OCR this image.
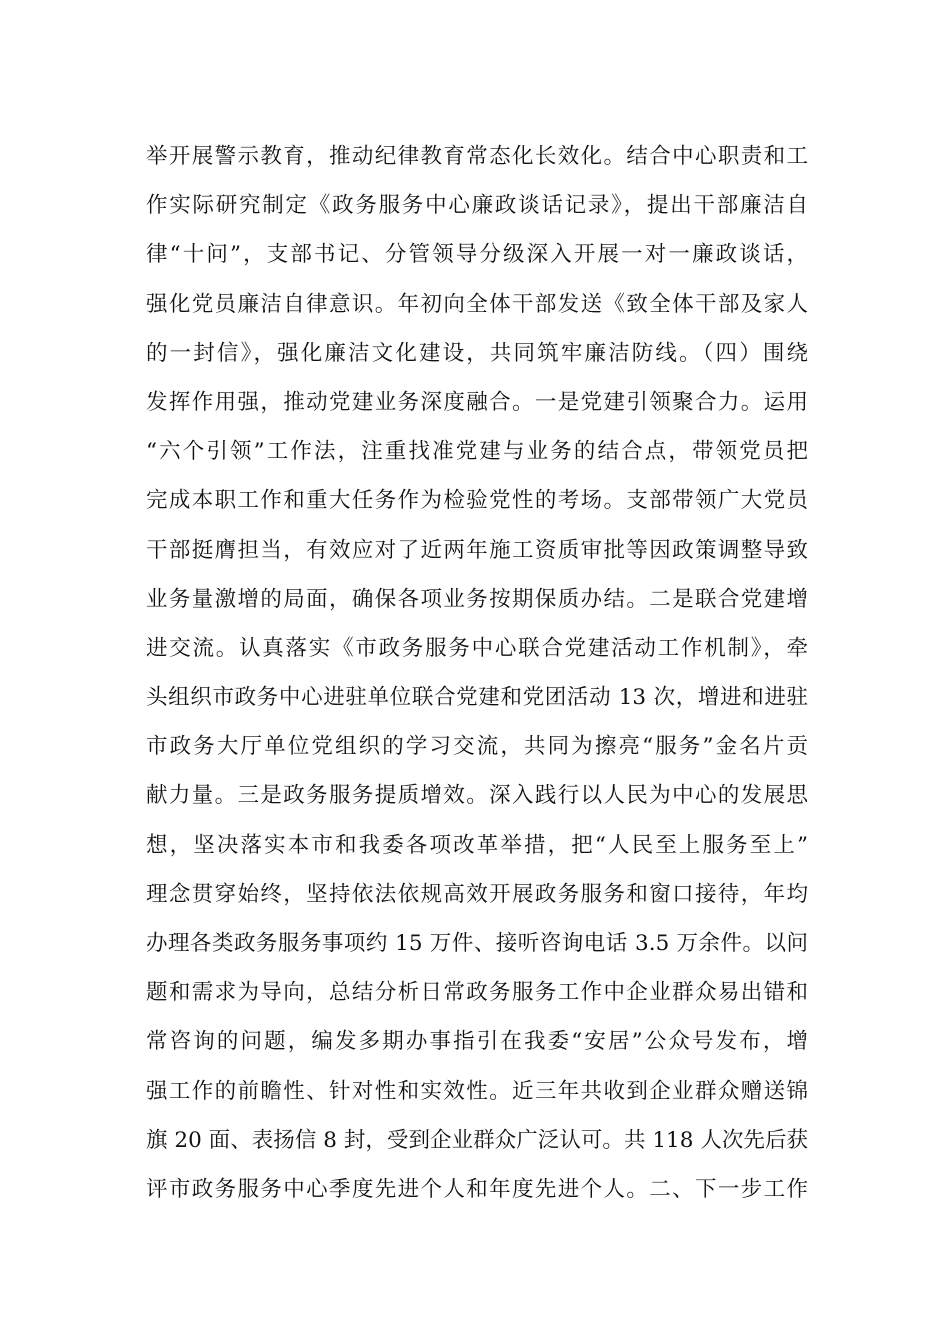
举开展警示教育，推动纪律教育常态化长效化。结合中心职责和工
作实际研究制定《政务服务中心廉政谈话记录》，提出干部廉洁自
律“十问”，支部书记、分管领导分级深入开展一对一廉政谈话，
强化党员廉洁自律意识。年初向全体干部发送《致全体干部及家人
的一封信》，强化廉洁文化建设，共同筑牢廉洁防线。（四）围绕
发挥作用强，推动党建业务深度融合。一是党建引领聚合力。运用
“六个引领”工作法，注重找准党建与业务的结合点，带领党员把
完成本职工作和重大任务作为检验党性的考场。支部带领广大党员
干部挺膺担当，有效应对了近两年施工资质审批等因政策调整导致
业务量激增的局面，确保各项业务按期保质办结。二是联合党建增
进交流。认真落实《市政务服务中心联合党建活动工作机制》，牵
头组织市政务中心进驻单位联合党建和党团活动 13 次，增进和进驻
市政务大厅单位党组织的学习交流，共同为擦亮“服务”金名片贡
献力量。三是政务服务提质增效。深入践行以人民为中心的发展思
想，坚决落实本市和我委各项改革举措，把“人民至上服务至上”
理念贯穿始终，坚持依法依规高效开展政务服务和窗口接待，年均
办理各类政务服务事项约 15 万件、接听咨询电话 3.5 万余件。以问
题和需求为导向，总结分析日常政务服务工作中企业群众易出错和
常咨询的问题，编发多期办事指引在我委“安居”公众号发布，增
强工作的前瞻性、针对性和实效性。近三年共收到企业群众赠送锦
旗 20 面、表扬信 8 封，受到企业群众广泛认可。共 118 人次先后获
评市政务服务中心季度先进个人和年度先进个人。二、下一步工作
